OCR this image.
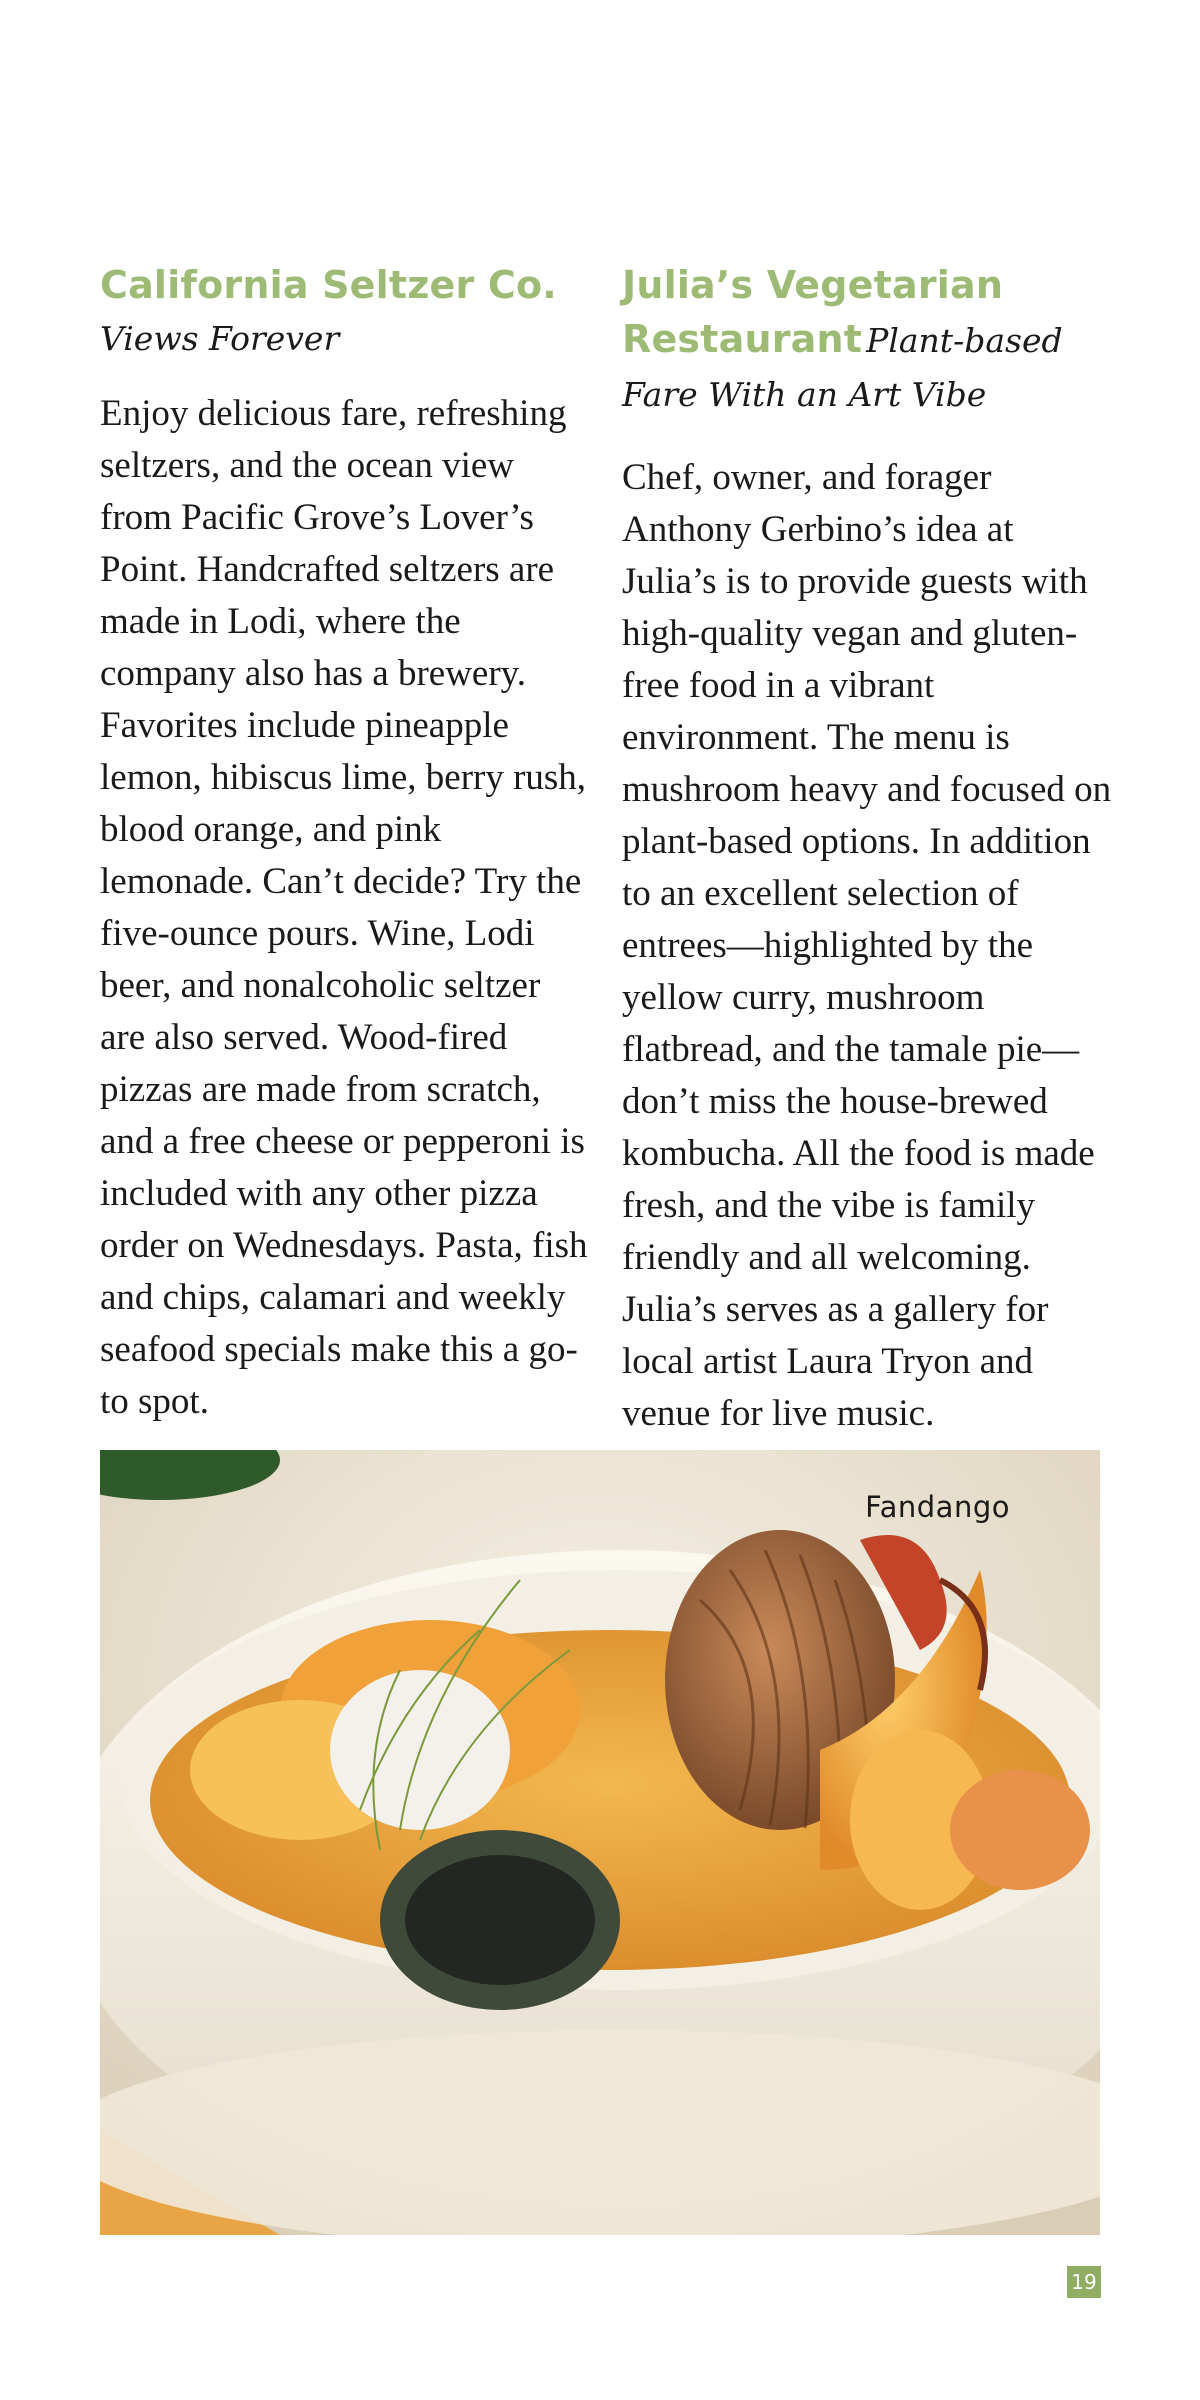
California Seltzer Co.
Views Forever
Enjoy delicious fare, refreshing seltzers, and the ocean view from Pacific Grove’s Lover’s Point. Handcrafted seltzers are made in Lodi, where the company also has a brewery. Favorites include pineapple lemon, hibiscus lime, berry rush, blood orange, and pink lemonade. Can’t decide? Try the five-ounce pours. Wine, Lodi beer, and nonalcoholic seltzer are also served. Wood-fired pizzas are made from scratch, and a free cheese or pepperoni is included with any other pizza order on Wednesdays. Pasta, fish and chips, calamari and weekly seafood specials make this a go-to spot.
Julia’s Vegetarian Restaurant Plant-based Fare With an Art Vibe
Chef, owner, and forager Anthony Gerbino’s idea at Julia’s is to provide guests with high-quality vegan and gluten-free food in a vibrant environment. The menu is mushroom heavy and focused on plant-based options. In addition to an excellent selection of entrees—highlighted by the yellow curry, mushroom flatbread, and the tamale pie—don’t miss the house-brewed kombucha. All the food is made fresh, and the vibe is family friendly and all welcoming. Julia’s serves as a gallery for local artist Laura Tryon and venue for live music.
Fandango
19
